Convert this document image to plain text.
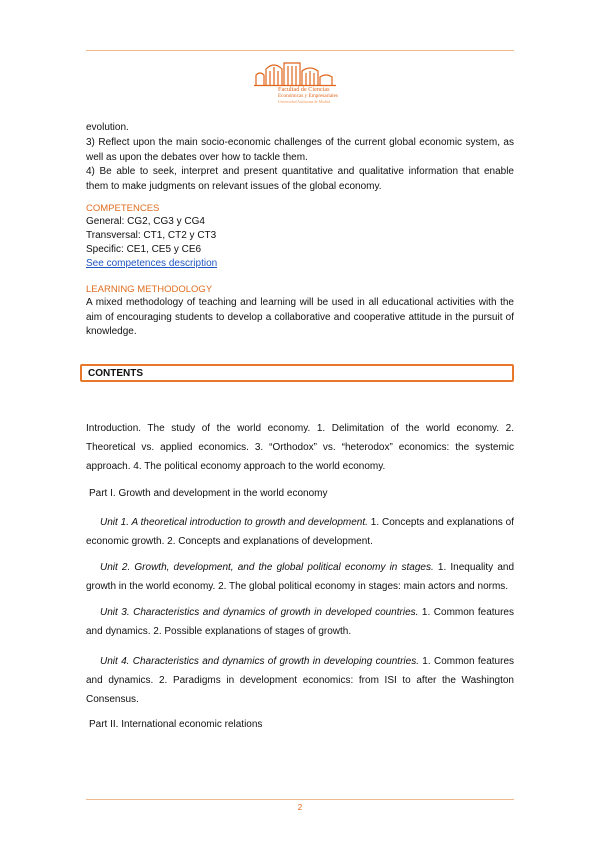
Facultad de Ciencias
Económicas y Empresariales
Universidad Autónoma de Madrid
evolution.
3) Reflect upon the main socio-economic challenges of the current global economic system, as well as upon the debates over how to tackle them.
4) Be able to seek, interpret and present quantitative and qualitative information that enable them to make judgments on relevant issues of the global economy.
COMPETENCES
General: CG2, CG3 y CG4
Transversal: CT1, CT2 y CT3
Specific: CE1, CE5 y CE6
See competences description
LEARNING METHODOLOGY
A mixed methodology of teaching and learning will be used in all educational activities with the aim of encouraging students to develop a collaborative and cooperative attitude in the pursuit of knowledge.
CONTENTS
Introduction. The study of the world economy. 1. Delimitation of the world economy. 2. Theoretical vs. applied economics. 3. “Orthodox” vs. “heterodox” economics: the systemic approach. 4. The political economy approach to the world economy.
Part I. Growth and development in the world economy
Unit 1. A theoretical introduction to growth and development. 1. Concepts and explanations of economic growth. 2. Concepts and explanations of development.
Unit 2. Growth, development, and the global political economy in stages. 1. Inequality and growth in the world economy. 2. The global political economy in stages: main actors and norms.
Unit 3. Characteristics and dynamics of growth in developed countries. 1. Common features and dynamics. 2. Possible explanations of stages of growth.
Unit 4. Characteristics and dynamics of growth in developing countries. 1. Common features and dynamics. 2. Paradigms in development economics: from ISI to after the Washington Consensus.
Part II. International economic relations
2
